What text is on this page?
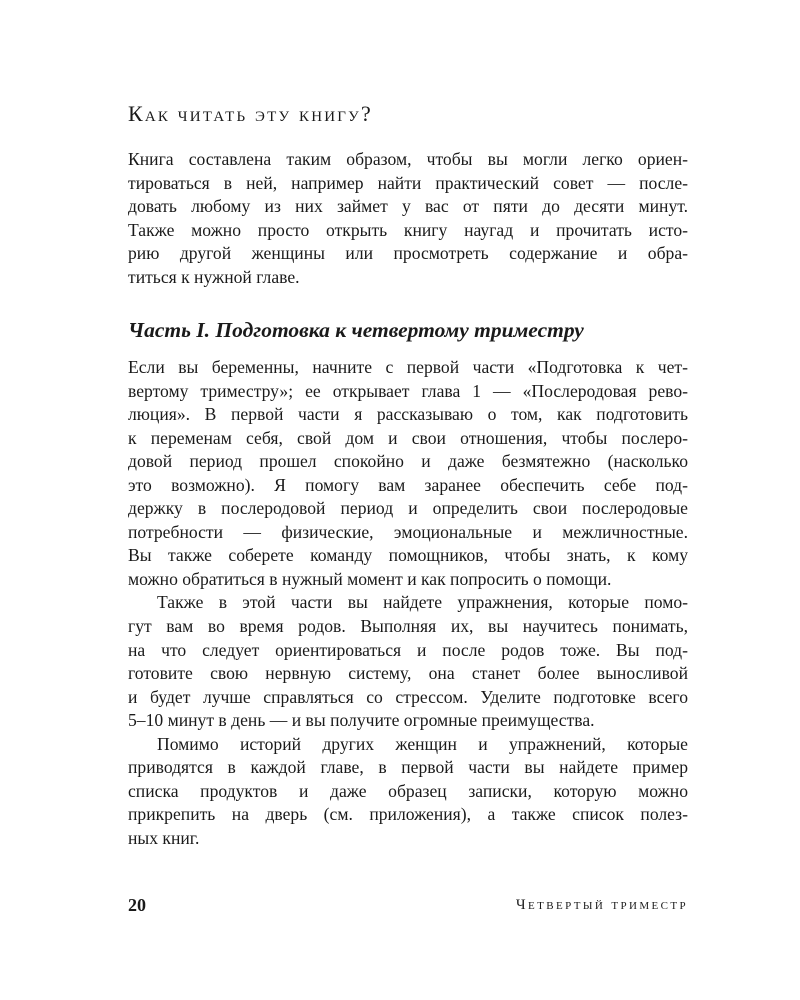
Как читать эту книгу?
Книга составлена таким образом, чтобы вы могли легко ориен-
тироваться в ней, например найти практический совет — после-
довать любому из них займет у вас от пяти до десяти минут.
Также можно просто открыть книгу наугад и прочитать исто-
рию другой женщины или просмотреть содержание и обра-
титься к нужной главе.
Часть I. Подготовка к четвертому триместру
Если вы беременны, начните с первой части «Подготовка к чет-
вертому триместру»; ее открывает глава 1 — «Послеродовая рево-
люция». В первой части я рассказываю о том, как подготовить
к переменам себя, свой дом и свои отношения, чтобы послеро-
довой период прошел спокойно и даже безмятежно (насколько
это возможно). Я помогу вам заранее обеспечить себе под-
держку в послеродовой период и определить свои послеродовые
потребности — физические, эмоциональные и межличностные.
Вы также соберете команду помощников, чтобы знать, к кому
можно обратиться в нужный момент и как попросить о помощи.
Также в этой части вы найдете упражнения, которые помо-
гут вам во время родов. Выполняя их, вы научитесь понимать,
на что следует ориентироваться и после родов тоже. Вы под-
готовите свою нервную систему, она станет более выносливой
и будет лучше справляться со стрессом. Уделите подготовке всего
5–10 минут в день — и вы получите огромные преимущества.
Помимо историй других женщин и упражнений, которые
приводятся в каждой главе, в первой части вы найдете пример
списка продуктов и даже образец записки, которую можно
прикрепить на дверь (см. приложения), а также список полез-
ных книг.
20	Четвертый триместр
